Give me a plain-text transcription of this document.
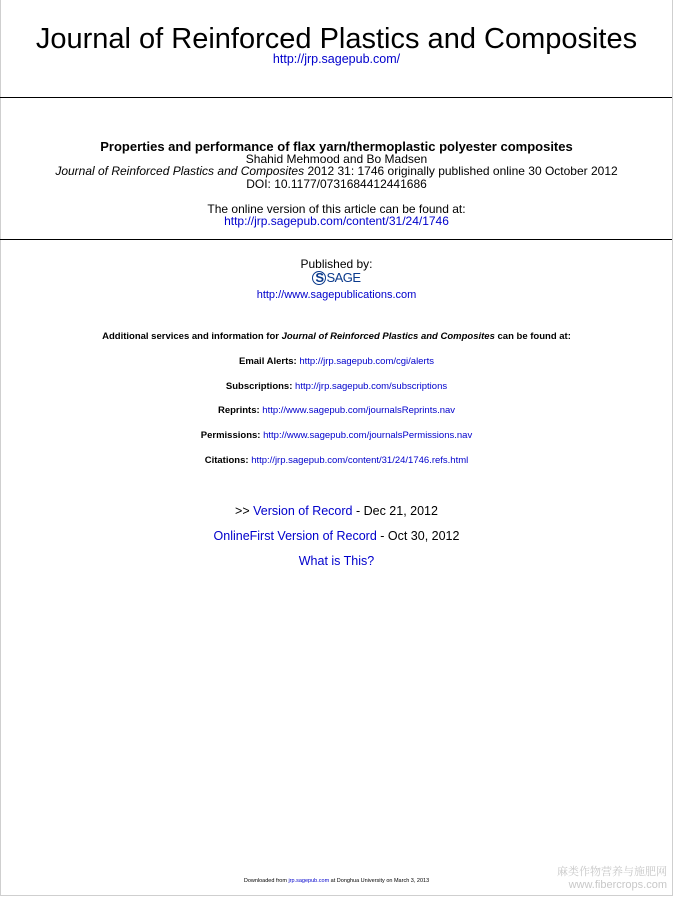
Journal of Reinforced Plastics and Composites
http://jrp.sagepub.com/
Properties and performance of flax yarn/thermoplastic polyester composites
Shahid Mehmood and Bo Madsen
Journal of Reinforced Plastics and Composites 2012 31: 1746 originally published online 30 October 2012
DOI: 10.1177/0731684412441686
The online version of this article can be found at:
http://jrp.sagepub.com/content/31/24/1746
Published by:
S SAGE
http://www.sagepublications.com
Additional services and information for Journal of Reinforced Plastics and Composites can be found at:
Email Alerts: http://jrp.sagepub.com/cgi/alerts
Subscriptions: http://jrp.sagepub.com/subscriptions
Reprints: http://www.sagepub.com/journalsReprints.nav
Permissions: http://www.sagepub.com/journalsPermissions.nav
Citations: http://jrp.sagepub.com/content/31/24/1746.refs.html
>> Version of Record - Dec 21, 2012
OnlineFirst Version of Record - Oct 30, 2012
What is This?
Downloaded from jrp.sagepub.com at Donghua University on March 3, 2013
麻类作物营养与施肥网
www.fibercrops.com
